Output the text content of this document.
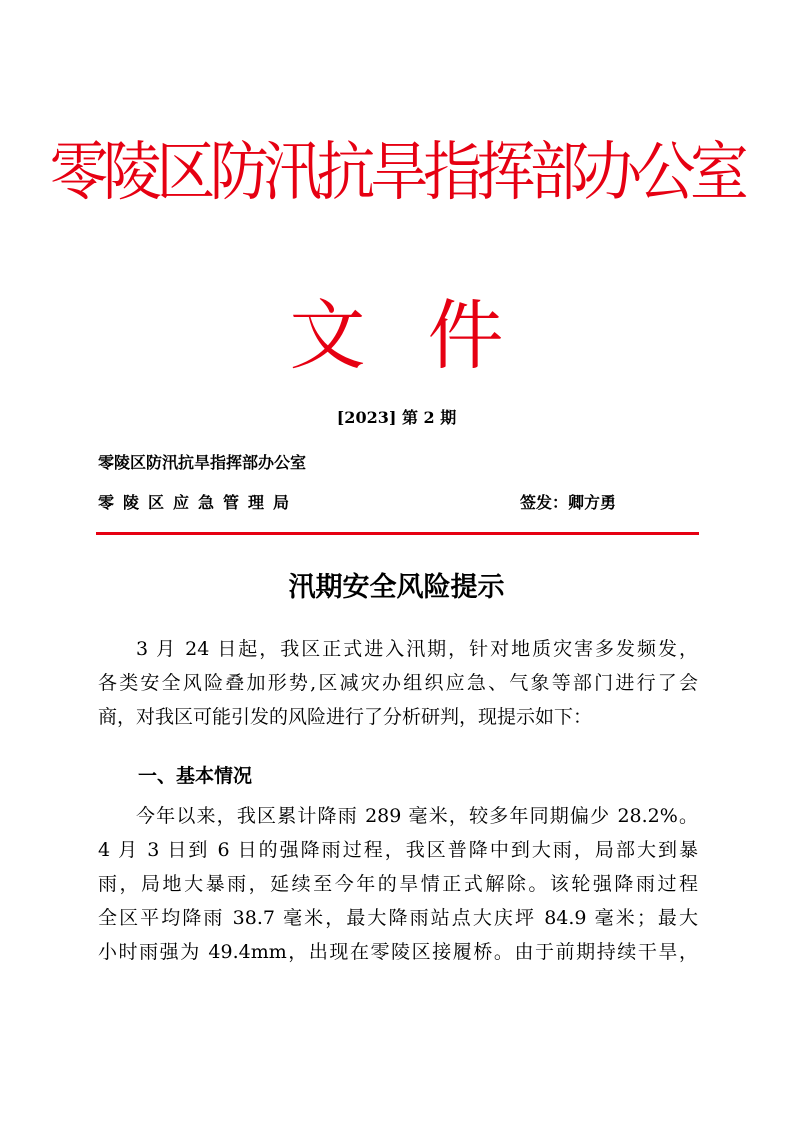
零陵区防汛抗旱指挥部办公室
文件
[2023] 第 2 期
零陵区防汛抗旱指挥部办公室
零陵区应急管理局	签发：卿方勇
汛期安全风险提示
3 月 24 日起，我区正式进入汛期，针对地质灾害多发频发，
各类安全风险叠加形势,区减灾办组织应急、气象等部门进行了会
商，对我区可能引发的风险进行了分析研判，现提示如下：
一、基本情况
今年以来，我区累计降雨 289 毫米，较多年同期偏少 28.2%。
4 月 3 日到 6 日的强降雨过程，我区普降中到大雨，局部大到暴
雨，局地大暴雨，延续至今年的旱情正式解除。该轮强降雨过程
全区平均降雨 38.7 毫米，最大降雨站点大庆坪 84.9 毫米；最大
小时雨强为 49.4mm，出现在零陵区接履桥。由于前期持续干旱，
